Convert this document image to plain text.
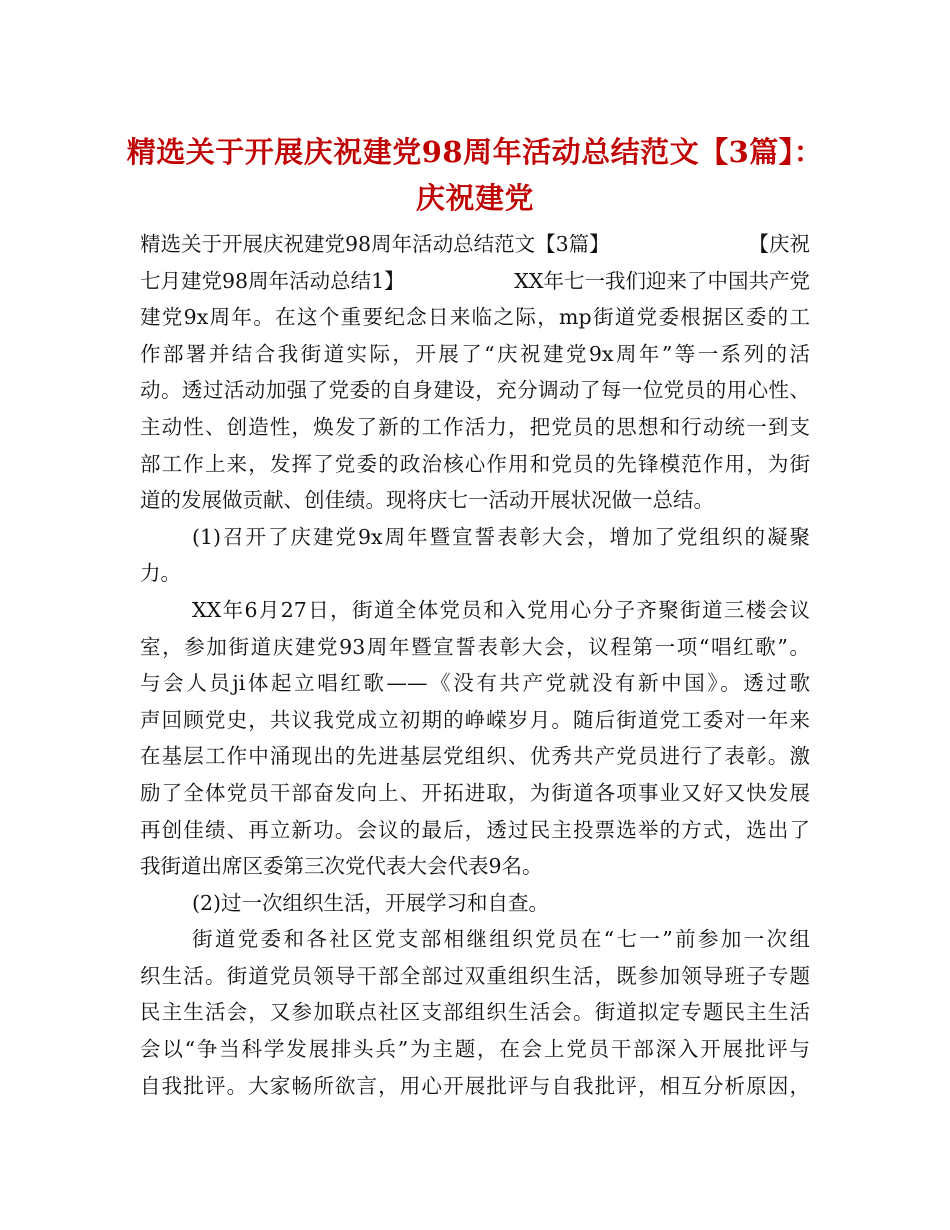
精选关于开展庆祝建党98周年活动总结范文【3篇】：
庆祝建党
精选关于开展庆祝建党98周年活动总结范文【3篇】	【庆祝
七月建党98周年活动总结1】	XX年七一我们迎来了中国共产党
建党9x周年。在这个重要纪念日来临之际，mp街道党委根据区委的工
作部署并结合我街道实际，开展了“庆祝建党9x周年”等一系列的活
动。透过活动加强了党委的自身建设，充分调动了每一位党员的用心性、
主动性、创造性，焕发了新的工作活力，把党员的思想和行动统一到支
部工作上来，发挥了党委的政治核心作用和党员的先锋模范作用，为街
道的发展做贡献、创佳绩。现将庆七一活动开展状况做一总结。
(1)召开了庆建党9x周年暨宣誓表彰大会，增加了党组织的凝聚
力。
XX年6月27日，街道全体党员和入党用心分子齐聚街道三楼会议
室，参加街道庆建党93周年暨宣誓表彰大会，议程第一项“唱红歌”。
与会人员ji体起立唱红歌——《没有共产党就没有新中国》。透过歌
声回顾党史，共议我党成立初期的峥嵘岁月。随后街道党工委对一年来
在基层工作中涌现出的先进基层党组织、优秀共产党员进行了表彰。激
励了全体党员干部奋发向上、开拓进取，为街道各项事业又好又快发展
再创佳绩、再立新功。会议的最后，透过民主投票选举的方式，选出了
我街道出席区委第三次党代表大会代表9名。
(2)过一次组织生活，开展学习和自查。
街道党委和各社区党支部相继组织党员在“七一”前参加一次组
织生活。街道党员领导干部全部过双重组织生活，既参加领导班子专题
民主生活会，又参加联点社区支部组织生活会。街道拟定专题民主生活
会以“争当科学发展排头兵”为主题，在会上党员干部深入开展批评与
自我批评。大家畅所欲言，用心开展批评与自我批评，相互分析原因，
